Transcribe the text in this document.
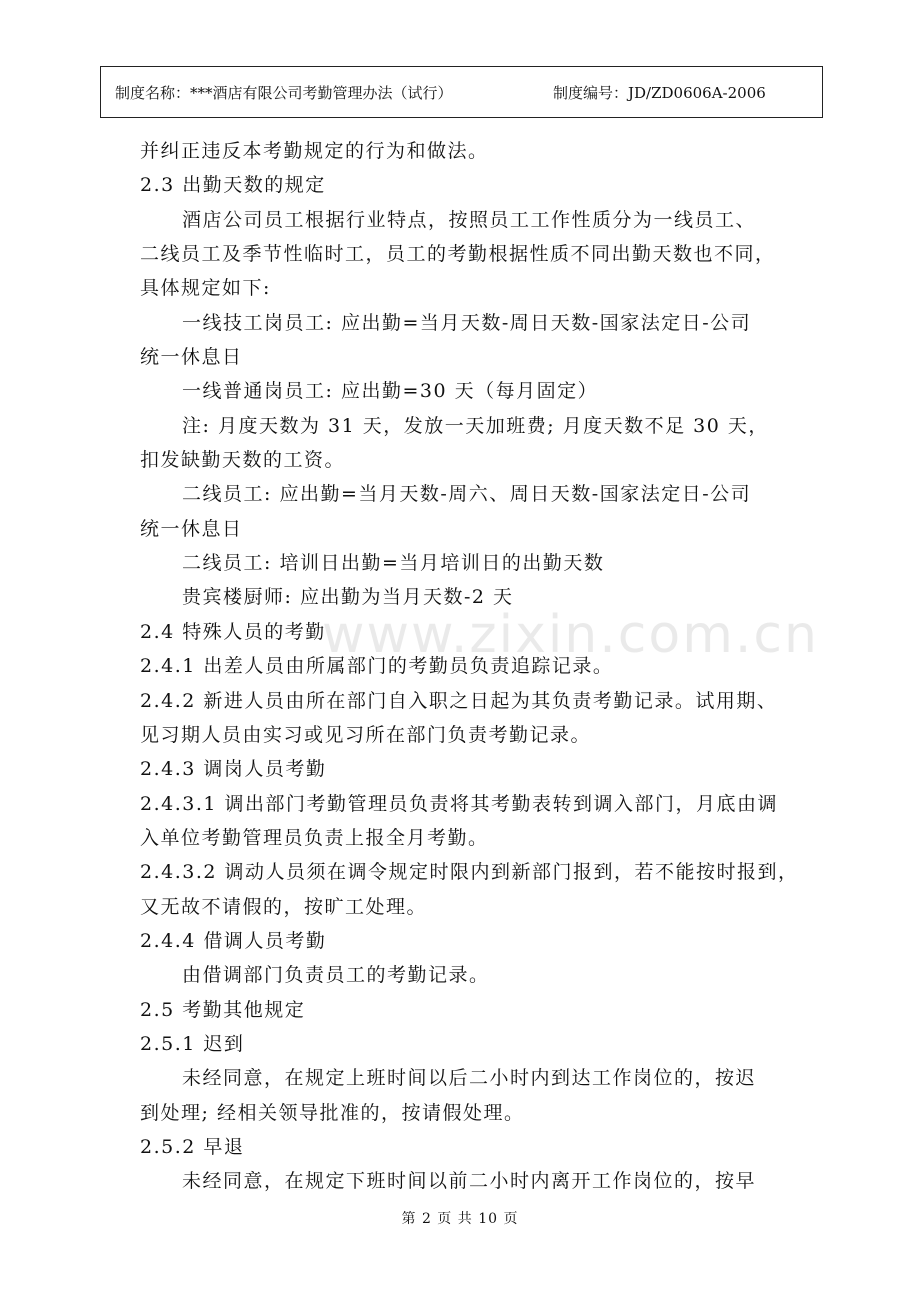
制度名称：***酒店有限公司考勤管理办法（试行）	制度编号：JD/ZD0606A-2006
www.zixin.com.cn
并纠正违反本考勤规定的行为和做法。
2.3 出勤天数的规定
酒店公司员工根据行业特点，按照员工工作性质分为一线员工、
二线员工及季节性临时工，员工的考勤根据性质不同出勤天数也不同，
具体规定如下:
一线技工岗员工: 应出勤=当月天数-周日天数-国家法定日-公司
统一休息日
一线普通岗员工: 应出勤=30 天（每月固定）
注: 月度天数为 31 天，发放一天加班费; 月度天数不足 30 天，
扣发缺勤天数的工资。
二线员工: 应出勤=当月天数-周六、周日天数-国家法定日-公司
统一休息日
二线员工: 培训日出勤=当月培训日的出勤天数
贵宾楼厨师: 应出勤为当月天数-2 天
2.4 特殊人员的考勤
2.4.1 出差人员由所属部门的考勤员负责追踪记录。
2.4.2 新进人员由所在部门自入职之日起为其负责考勤记录。试用期、
见习期人员由实习或见习所在部门负责考勤记录。
2.4.3 调岗人员考勤
2.4.3.1 调出部门考勤管理员负责将其考勤表转到调入部门，月底由调
入单位考勤管理员负责上报全月考勤。
2.4.3.2 调动人员须在调令规定时限内到新部门报到，若不能按时报到，
又无故不请假的，按旷工处理。
2.4.4 借调人员考勤
由借调部门负责员工的考勤记录。
2.5 考勤其他规定
2.5.1 迟到
未经同意，在规定上班时间以后二小时内到达工作岗位的，按迟
到处理; 经相关领导批准的，按请假处理。
2.5.2 早退
未经同意，在规定下班时间以前二小时内离开工作岗位的，按早
第 2 页 共 10 页
